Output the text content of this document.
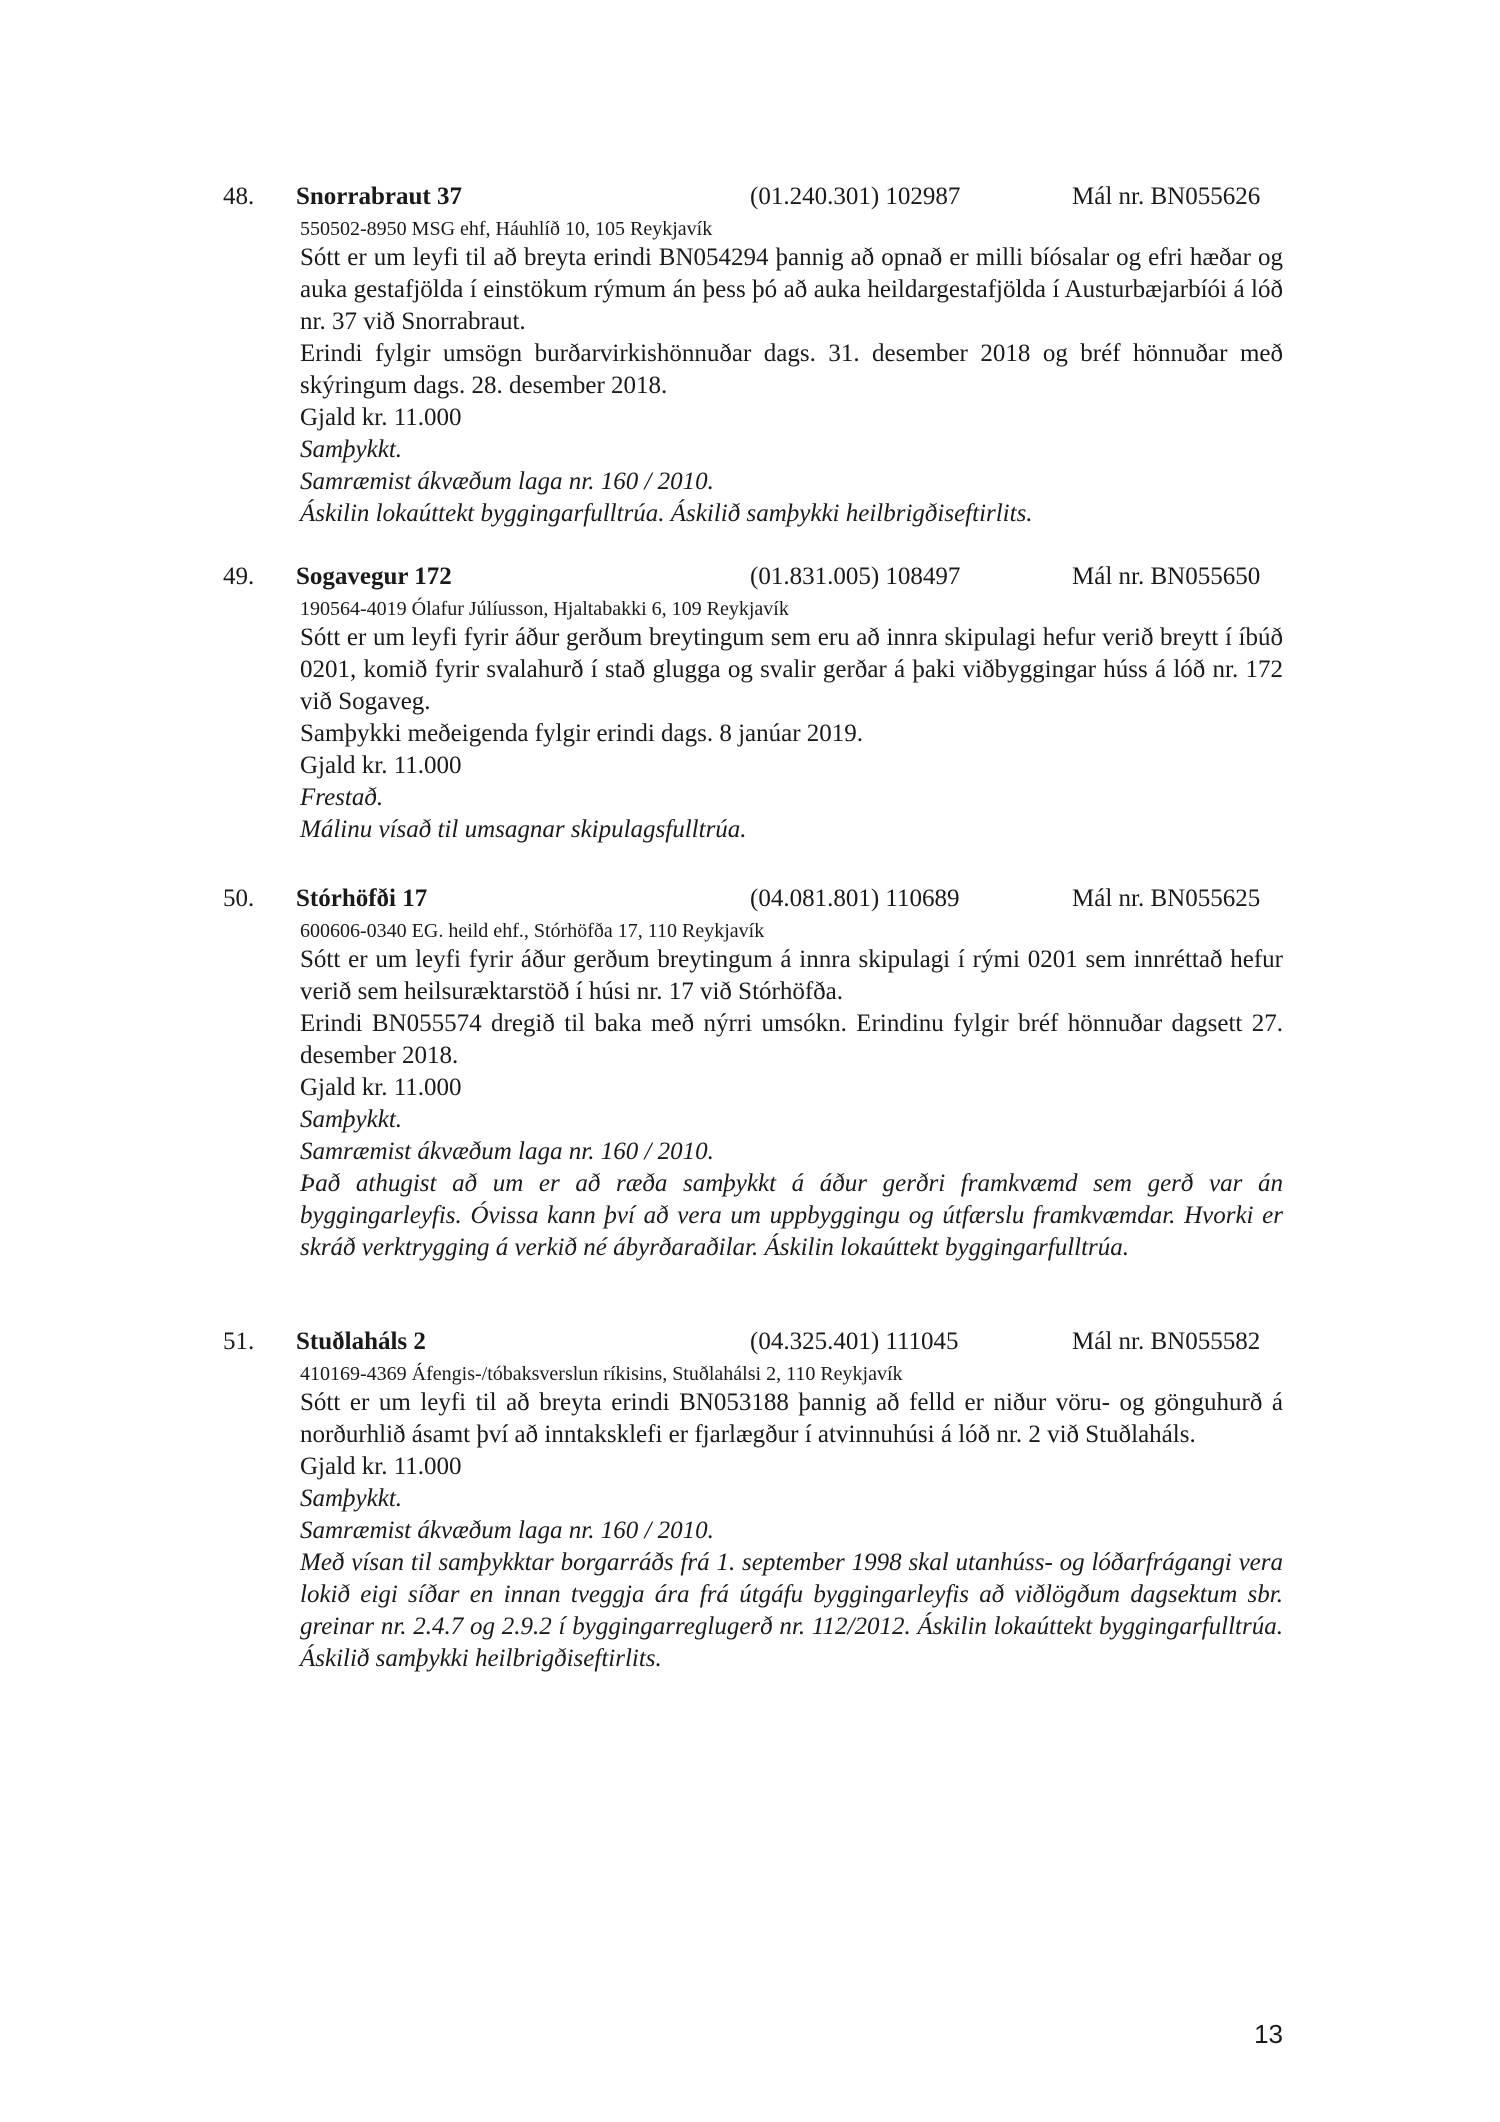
48. Snorrabraut 37	(01.240.301) 102987	Mál nr. BN055626
550502-8950 MSG ehf, Háuhlíð 10, 105 Reykjavík
Sótt er um leyfi til að breyta erindi BN054294 þannig að opnað er milli bíósalar og efri hæðar og auka gestafjölda í einstökum rýmum án þess þó að auka heildargestafjölda í Austurbæjarbíói á lóð nr. 37 við Snorrabraut.
Erindi fylgir umsögn burðarvirkishönnuðar dags. 31. desember 2018 og bréf hönnuðar með skýringum dags. 28. desember 2018.
Gjald kr. 11.000
Samþykkt.
Samræmist ákvæðum laga nr. 160 / 2010.
Áskilin lokaúttekt byggingarfulltrúa. Áskilið samþykki heilbrigðiseftirlits.
49. Sogavegur 172	(01.831.005) 108497	Mál nr. BN055650
190564-4019 Ólafur Júlíusson, Hjaltabakki 6, 109 Reykjavík
Sótt er um leyfi fyrir áður gerðum breytingum sem eru að innra skipulagi hefur verið breytt í íbúð 0201, komið fyrir svalahurð í stað glugga og svalir gerðar á þaki viðbyggingar húss á lóð nr. 172 við Sogaveg.
Samþykki meðeigenda fylgir erindi dags. 8 janúar 2019.
Gjald kr. 11.000
Frestað.
Málinu vísað til umsagnar skipulagsfulltrúa.
50. Stórhöfði 17	(04.081.801) 110689	Mál nr. BN055625
600606-0340 EG. heild ehf., Stórhöfða 17, 110 Reykjavík
Sótt er um leyfi fyrir áður gerðum breytingum á innra skipulagi í rými 0201 sem innréttað hefur verið sem heilsuræktarstöð í húsi nr. 17 við Stórhöfða.
Erindi BN055574 dregið til baka með nýrri umsókn. Erindinu fylgir bréf hönnuðar dagsett 27. desember 2018.
Gjald kr. 11.000
Samþykkt.
Samræmist ákvæðum laga nr. 160 / 2010.
Það athugist að um er að ræða samþykkt á áður gerðri framkvæmd sem gerð var án byggingarleyfis. Óvissa kann því að vera um uppbyggingu og útfærslu framkvæmdar. Hvorki er skráð verktrygging á verkið né ábyrðaraðilar. Áskilin lokaúttekt byggingarfulltrúa.
51. Stuðlaháls 2	(04.325.401) 111045	Mál nr. BN055582
410169-4369 Áfengis-/tóbaksverslun ríkisins, Stuðlahálsi 2, 110 Reykjavík
Sótt er um leyfi til að breyta erindi BN053188 þannig að felld er niður vöru- og gönguhurð á norðurhlið ásamt því að inntaksklefi er fjarlægður í atvinnuhúsi á lóð nr. 2 við Stuðlaháls.
Gjald kr. 11.000
Samþykkt.
Samræmist ákvæðum laga nr. 160 / 2010.
Með vísan til samþykktar borgarráðs frá 1. september 1998 skal utanhúss- og lóðarfrágangi vera lokið eigi síðar en innan tveggja ára frá útgáfu byggingarleyfis að viðlögðum dagsektum sbr. greinar nr. 2.4.7 og 2.9.2 í byggingarreglugerð nr. 112/2012. Áskilin lokaúttekt byggingarfulltrúa. Áskilið samþykki heilbrigðiseftirlits.
13
